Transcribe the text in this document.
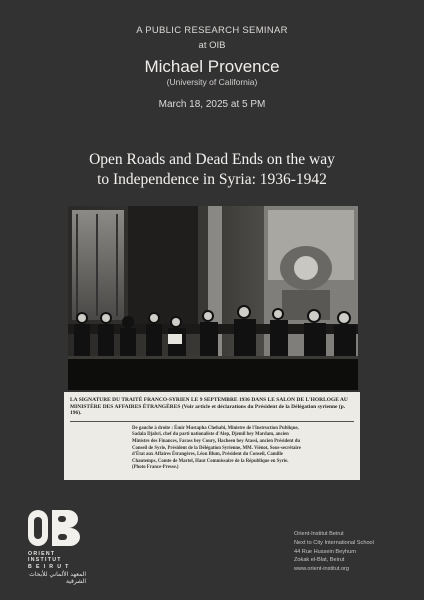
A PUBLIC RESEARCH SEMINAR
at OIB
Michael Provence
(University of California)
March 18, 2025 at 5 PM
Open Roads and Dead Ends on the way
to Independence in Syria: 1936-1942
LA SIGNATURE DU TRAITÉ FRANCO-SYRIEN LE 9 SEPTEMBRE 1936 DANS LE SALON DE L'HORLOGE AU MINISTÈRE DES AFFAIRES ÉTRANGÈRES (Voir article et déclarations du Président de la Délégation syrienne (p. 196).
De gauche à droite : Émir Mustapha Chehabi, Ministre de l'Instruction Publique, Sadala Djabri, chef du parti nationaliste d'Alep, Djemil bey Mardam, ancien Ministre des Finances, Farass bey Coury, Hacheen bey Atassi, ancien Président du Conseil de Syrie, Président de la Délégation Syrienne, MM. Viénot, Sous-secrétaire d'État aux Affaires Étrangères, Léon Blum, Président du Conseil, Camille Chautemps, Comte de Martel, Haut Commissaire de la République en Syrie. (Photo France-Presse.)
ORIENT INSTITUT
BEIRUT
المعهد الألماني للأبحاث الشرقية
Orient-Institut Beirut
Next to City International School
44 Rue Hussein Beyhum
Zokak el-Blat, Beirut
www.orient-institut.org
